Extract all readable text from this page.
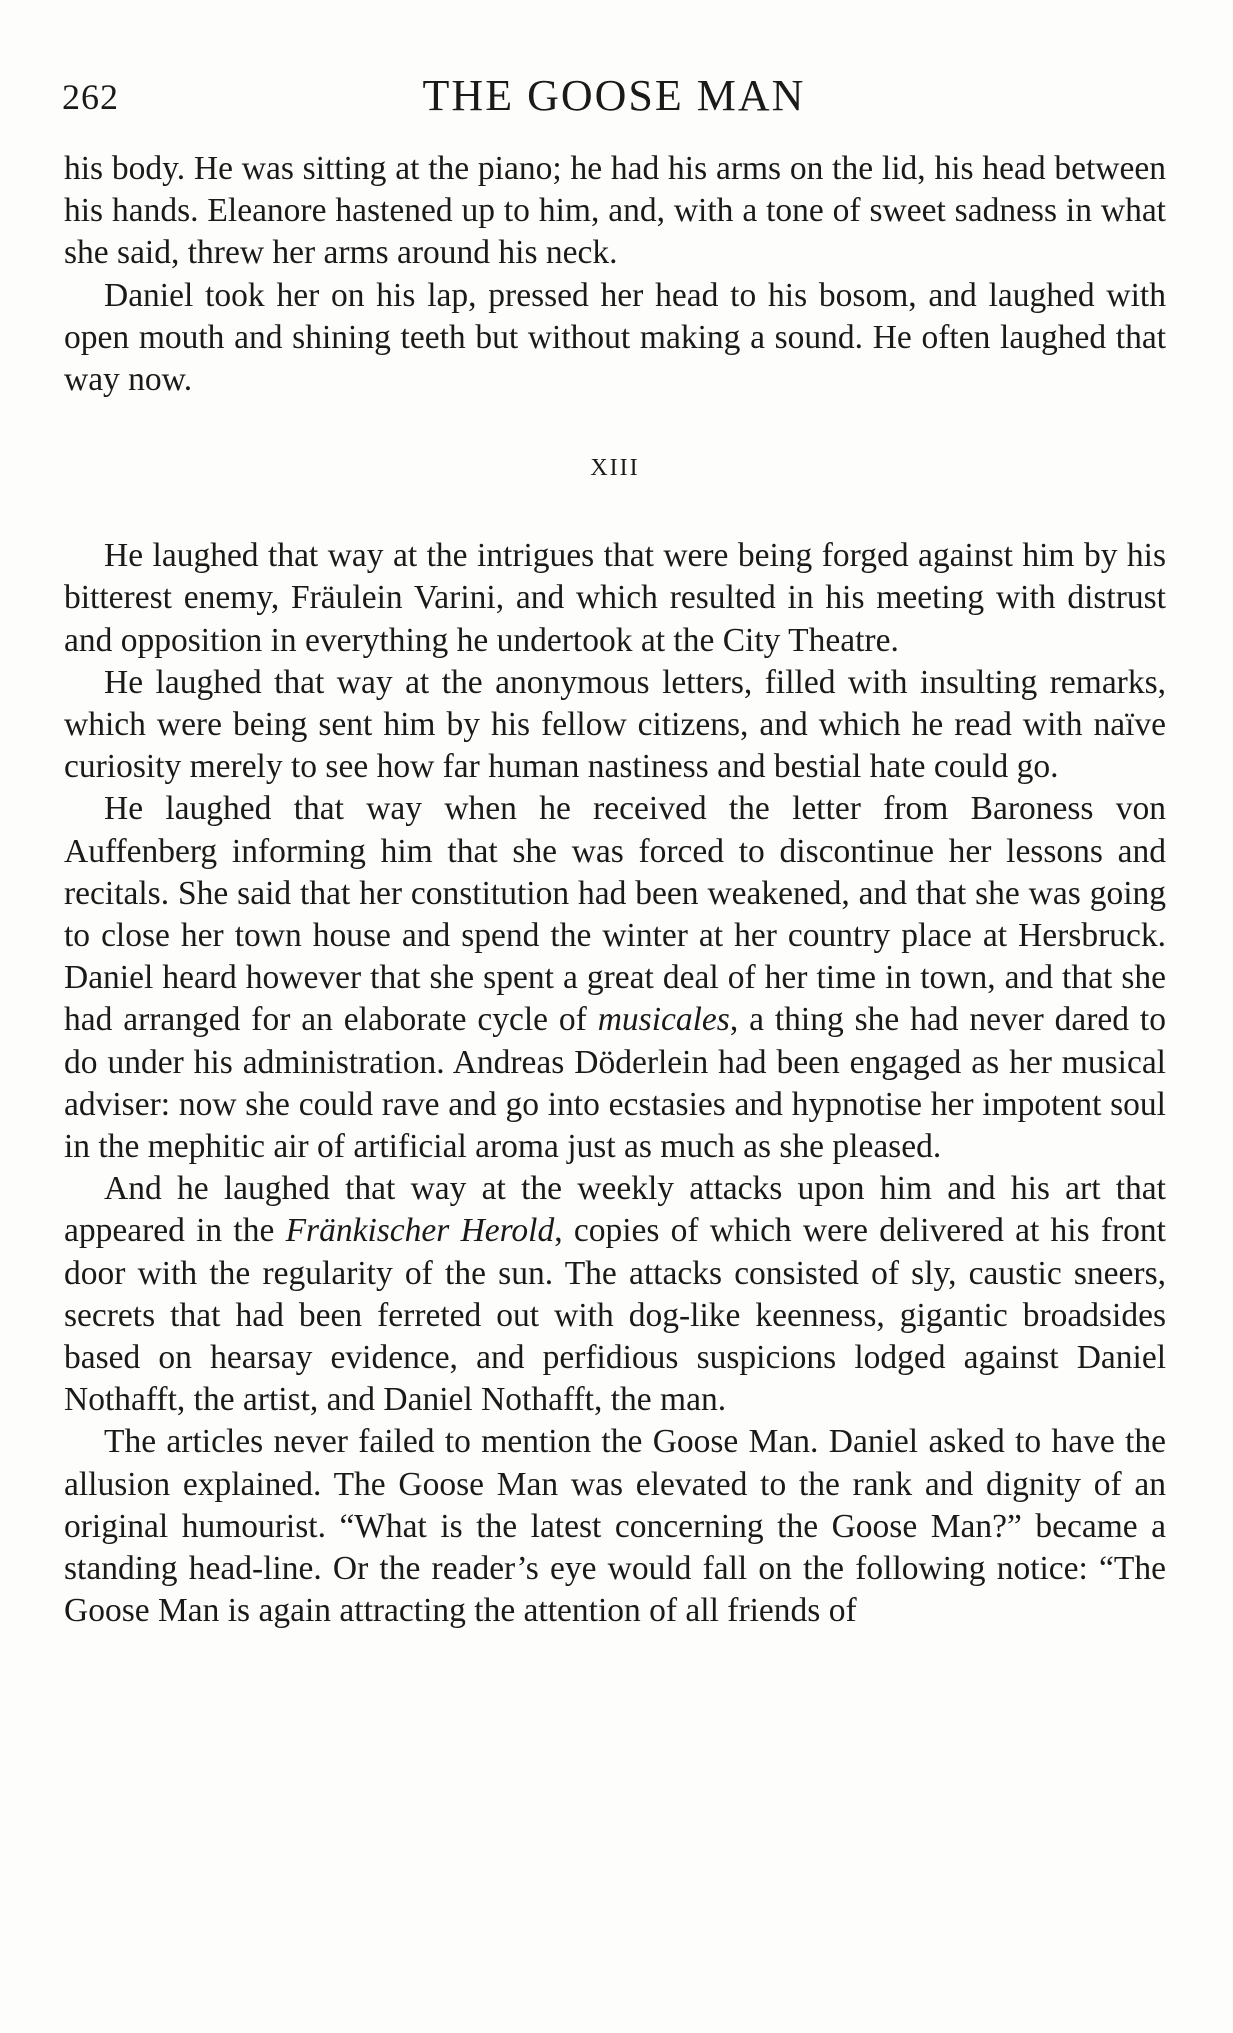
262	THE GOOSE MAN

his body. He was sitting at the piano; he had his arms on the lid, his head between his hands. Eleanore hastened up to him, and, with a tone of sweet sadness in what she said, threw her arms around his neck.

Daniel took her on his lap, pressed her head to his bosom, and laughed with open mouth and shining teeth but without making a sound. He often laughed that way now.

XIII

He laughed that way at the intrigues that were being forged against him by his bitterest enemy, Fräulein Varini, and which resulted in his meeting with distrust and opposition in everything he undertook at the City Theatre.

He laughed that way at the anonymous letters, filled with insulting remarks, which were being sent him by his fellow citizens, and which he read with naïve curiosity merely to see how far human nastiness and bestial hate could go.

He laughed that way when he received the letter from Baroness von Auffenberg informing him that she was forced to discontinue her lessons and recitals. She said that her constitution had been weakened, and that she was going to close her town house and spend the winter at her country place at Hersbruck. Daniel heard however that she spent a great deal of her time in town, and that she had arranged for an elaborate cycle of musicales, a thing she had never dared to do under his administration. Andreas Döderlein had been engaged as her musical adviser: now she could rave and go into ecstasies and hypnotise her impotent soul in the mephitic air of artificial aroma just as much as she pleased.

And he laughed that way at the weekly attacks upon him and his art that appeared in the Fränkischer Herold, copies of which were delivered at his front door with the regularity of the sun. The attacks consisted of sly, caustic sneers, secrets that had been ferreted out with dog-like keenness, gigantic broadsides based on hearsay evidence, and perfidious suspicions lodged against Daniel Nothafft, the artist, and Daniel Nothafft, the man.

The articles never failed to mention the Goose Man. Daniel asked to have the allusion explained. The Goose Man was elevated to the rank and dignity of an original humourist. “What is the latest concerning the Goose Man?” became a standing head-line. Or the reader’s eye would fall on the following notice: “The Goose Man is again attracting the attention of all friends of
